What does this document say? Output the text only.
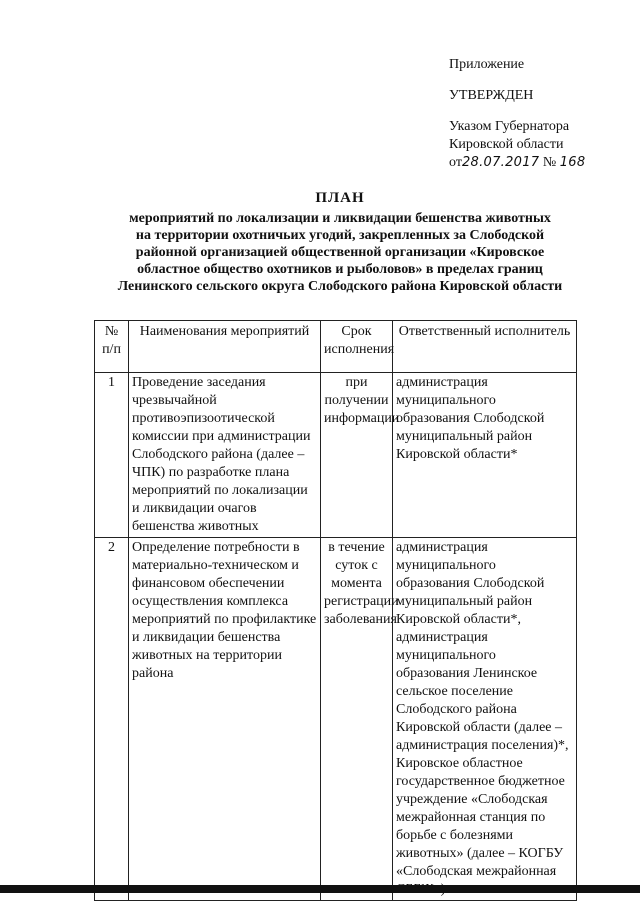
Приложение
УТВЕРЖДЕН
Указом Губернатора
Кировской области
от28.07.2017 № 168
ПЛАН
мероприятий по локализации и ликвидации бешенства животных
на территории охотничьих угодий, закрепленных за Слободской
районной организацией общественной организации «Кировское
областное общество охотников и рыболовов» в пределах границ
Ленинского сельского округа Слободского района Кировской области
№ п/п	Наименования мероприятий	Срок исполнения	Ответственный исполнитель
1	Проведение заседания чрезвычайной противоэпизоотической комиссии при администрации Слободского района (далее – ЧПК) по разработке плана мероприятий по локализации и ликвидации очагов бешенства животных	при получении информации	администрация муниципального образования Слободской муниципальный район Кировской области*
2	Определение потребности в материально-техническом и финансовом обеспечении осуществления комплекса мероприятий по профилактике и ликвидации бешенства животных на территории района	в течение суток с момента регистрации заболевания	администрация муниципального образования Слободской муниципальный район Кировской области*, администрация муниципального образования Ленинское сельское поселение Слободского района Кировской области (далее – администрация поселения)*, Кировское областное государственное бюджетное учреждение «Слободская межрайонная станция по борьбе с болезнями животных» (далее – КОГБУ «Слободская межрайонная
